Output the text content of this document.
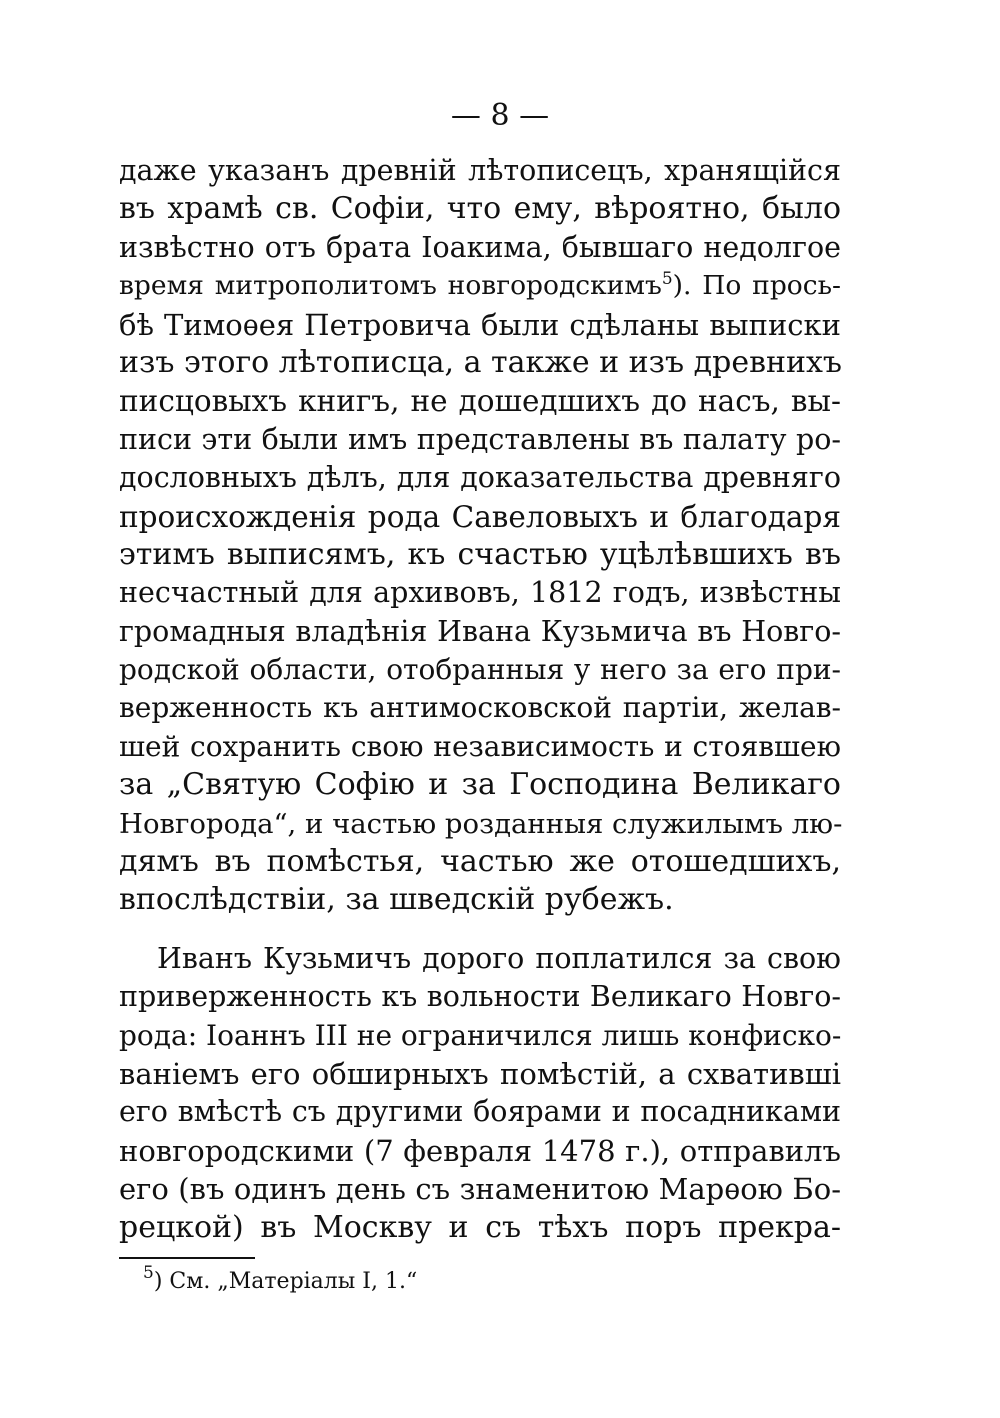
— 8 —
даже указанъ древнiй лѣтописецъ, хранящiйся
въ храмѣ св. Софiи, что ему, вѣроятно, было
извѣстно отъ брата Іоакима, бывшаго недолгое
время митрополитомъ новгородскимъ$^5$). По прось-
бѣ Тимоѳея Петровича были сдѣланы выписки
изъ этого лѣтописца, а также и изъ древнихъ
писцовыхъ книгъ, не дошедшихъ до насъ, вы-
писи эти были имъ представлены въ палату ро-
дословныхъ дѣлъ, для доказательства древняго
происхожденiя рода Савеловыхъ и благодаря
этимъ выписямъ, къ счастью уцѣлѣвшихъ въ
несчастный для архивовъ, 1812 годъ, извѣстны
громадныя владѣнiя Ивана Кузьмича въ Новго-
родской области, отобранныя у него за его при-
верженность къ антимосковской партiи, желав-
шей сохранить свою независимость и стоявшею
за „Святую Софiю и за Господина Великаго
Новгорода“, и частью розданныя служилымъ лю-
дямъ въ помѣстья, частью же отошедшихъ,
впослѣдствiи, за шведскiй рубежъ.
Иванъ Кузьмичъ дорого поплатился за свою
приверженность къ вольности Великаго Новго-
рода: Іоаннъ III не ограничился лишь конфиско-
ванiемъ его обширныхъ помѣстiй, а схватившi
его вмѣстѣ съ другими боярами и посадниками
новгородскими (7 февраля 1478 г.), отправилъ
его (въ одинъ день съ знаменитою Марѳою Бо-
рецкой) въ Москву и съ тѣхъ поръ прекра-
$^5$) См. „Матерiалы I, 1.“
